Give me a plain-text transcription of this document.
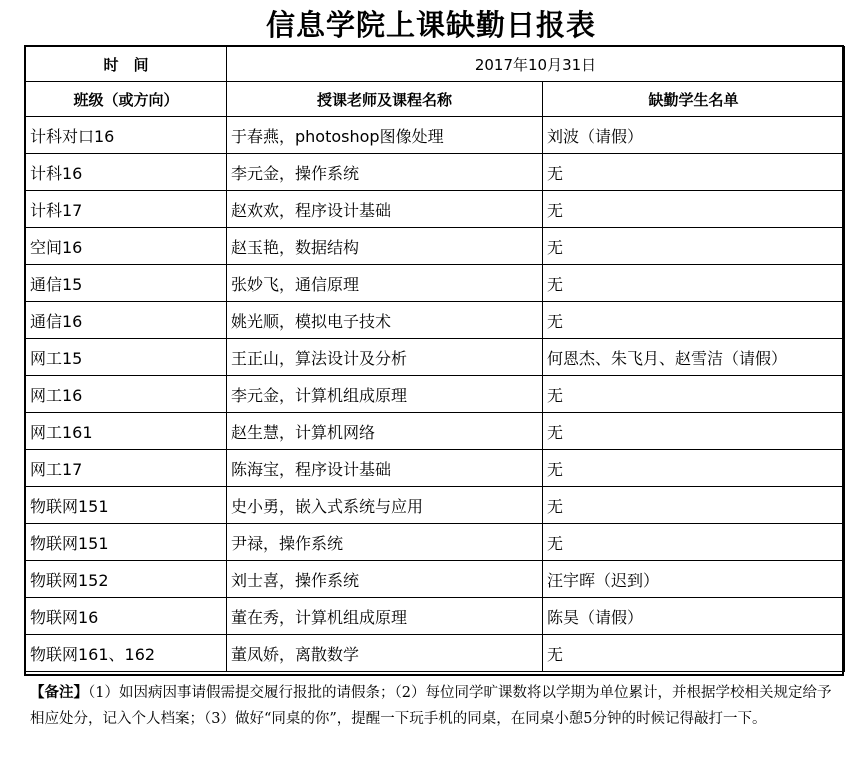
信息学院上课缺勤日报表
时　间	2017年10月31日	
班级（或方向）	授课老师及课程名称	缺勤学生名单
计科对口16	于春燕，photoshop图像处理	刘波（请假）
计科16	李元金，操作系统	无
计科17	赵欢欢，程序设计基础	无
空间16	赵玉艳，数据结构	无
通信15	张妙飞，通信原理	无
通信16	姚光顺，模拟电子技术	无
网工15	王正山，算法设计及分析	何恩杰、朱飞月、赵雪洁（请假）
网工16	李元金，计算机组成原理	无
网工161	赵生慧，计算机网络	无
网工17	陈海宝，程序设计基础	无
物联网151	史小勇，嵌入式系统与应用	无
物联网151	尹禄，操作系统	无
物联网152	刘士喜，操作系统	汪宇晖（迟到）
物联网16	董在秀，计算机组成原理	陈昊（请假）
物联网161、162	董凤娇，离散数学	无
【备注】（1）如因病因事请假需提交履行报批的请假条；（2）每位同学旷课数将以学期为单位累计，并根据学校相关规定给予相应处分，记入个人档案；（3）做好“同桌的你”，提醒一下玩手机的同桌，在同桌小憩5分钟的时候记得敲打一下。
